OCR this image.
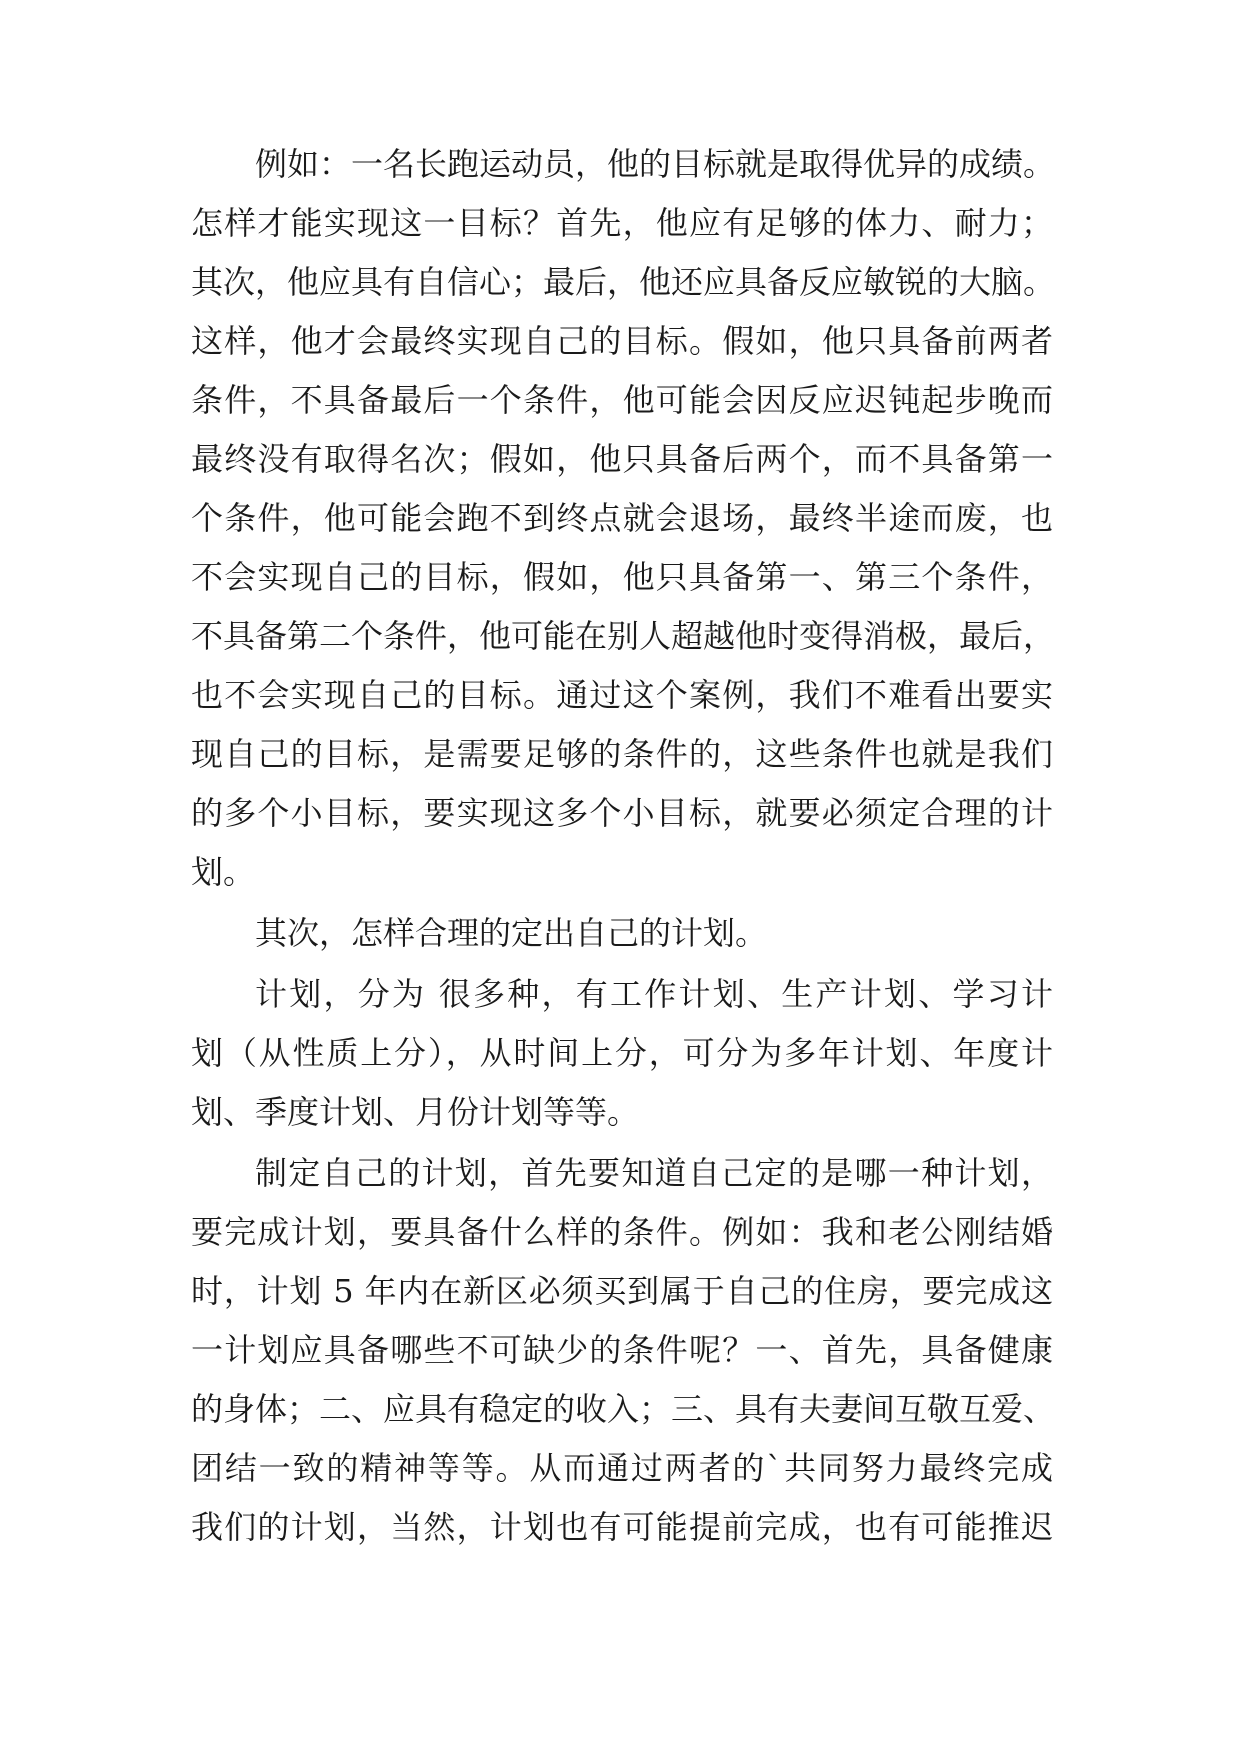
例如：一名长跑运动员，他的目标就是取得优异的成绩。
怎样才能实现这一目标？首先，他应有足够的体力、耐力；
其次，他应具有自信心；最后，他还应具备反应敏锐的大脑。
这样，他才会最终实现自己的目标。假如，他只具备前两者
条件，不具备最后一个条件，他可能会因反应迟钝起步晚而
最终没有取得名次；假如，他只具备后两个，而不具备第一
个条件，他可能会跑不到终点就会退场，最终半途而废，也
不会实现自己的目标，假如，他只具备第一、第三个条件，
不具备第二个条件，他可能在别人超越他时变得消极，最后，
也不会实现自己的目标。通过这个案例，我们不难看出要实
现自己的目标，是需要足够的条件的，这些条件也就是我们
的多个小目标，要实现这多个小目标，就要必须定合理的计
划。
其次，怎样合理的定出自己的计划。
计划，分为 很多种，有工作计划、生产计划、学习计
划（从性质上分），从时间上分，可分为多年计划、年度计
划、季度计划、月份计划等等。
制定自己的计划，首先要知道自己定的是哪一种计划，
要完成计划，要具备什么样的条件。例如：我和老公刚结婚
时，计划 5 年内在新区必须买到属于自己的住房，要完成这
一计划应具备哪些不可缺少的条件呢？一、首先，具备健康
的身体；二、应具有稳定的收入；三、具有夫妻间互敬互爱、
团结一致的精神等等。从而通过两者的`共同努力最终完成
我们的计划，当然，计划也有可能提前完成，也有可能推迟
